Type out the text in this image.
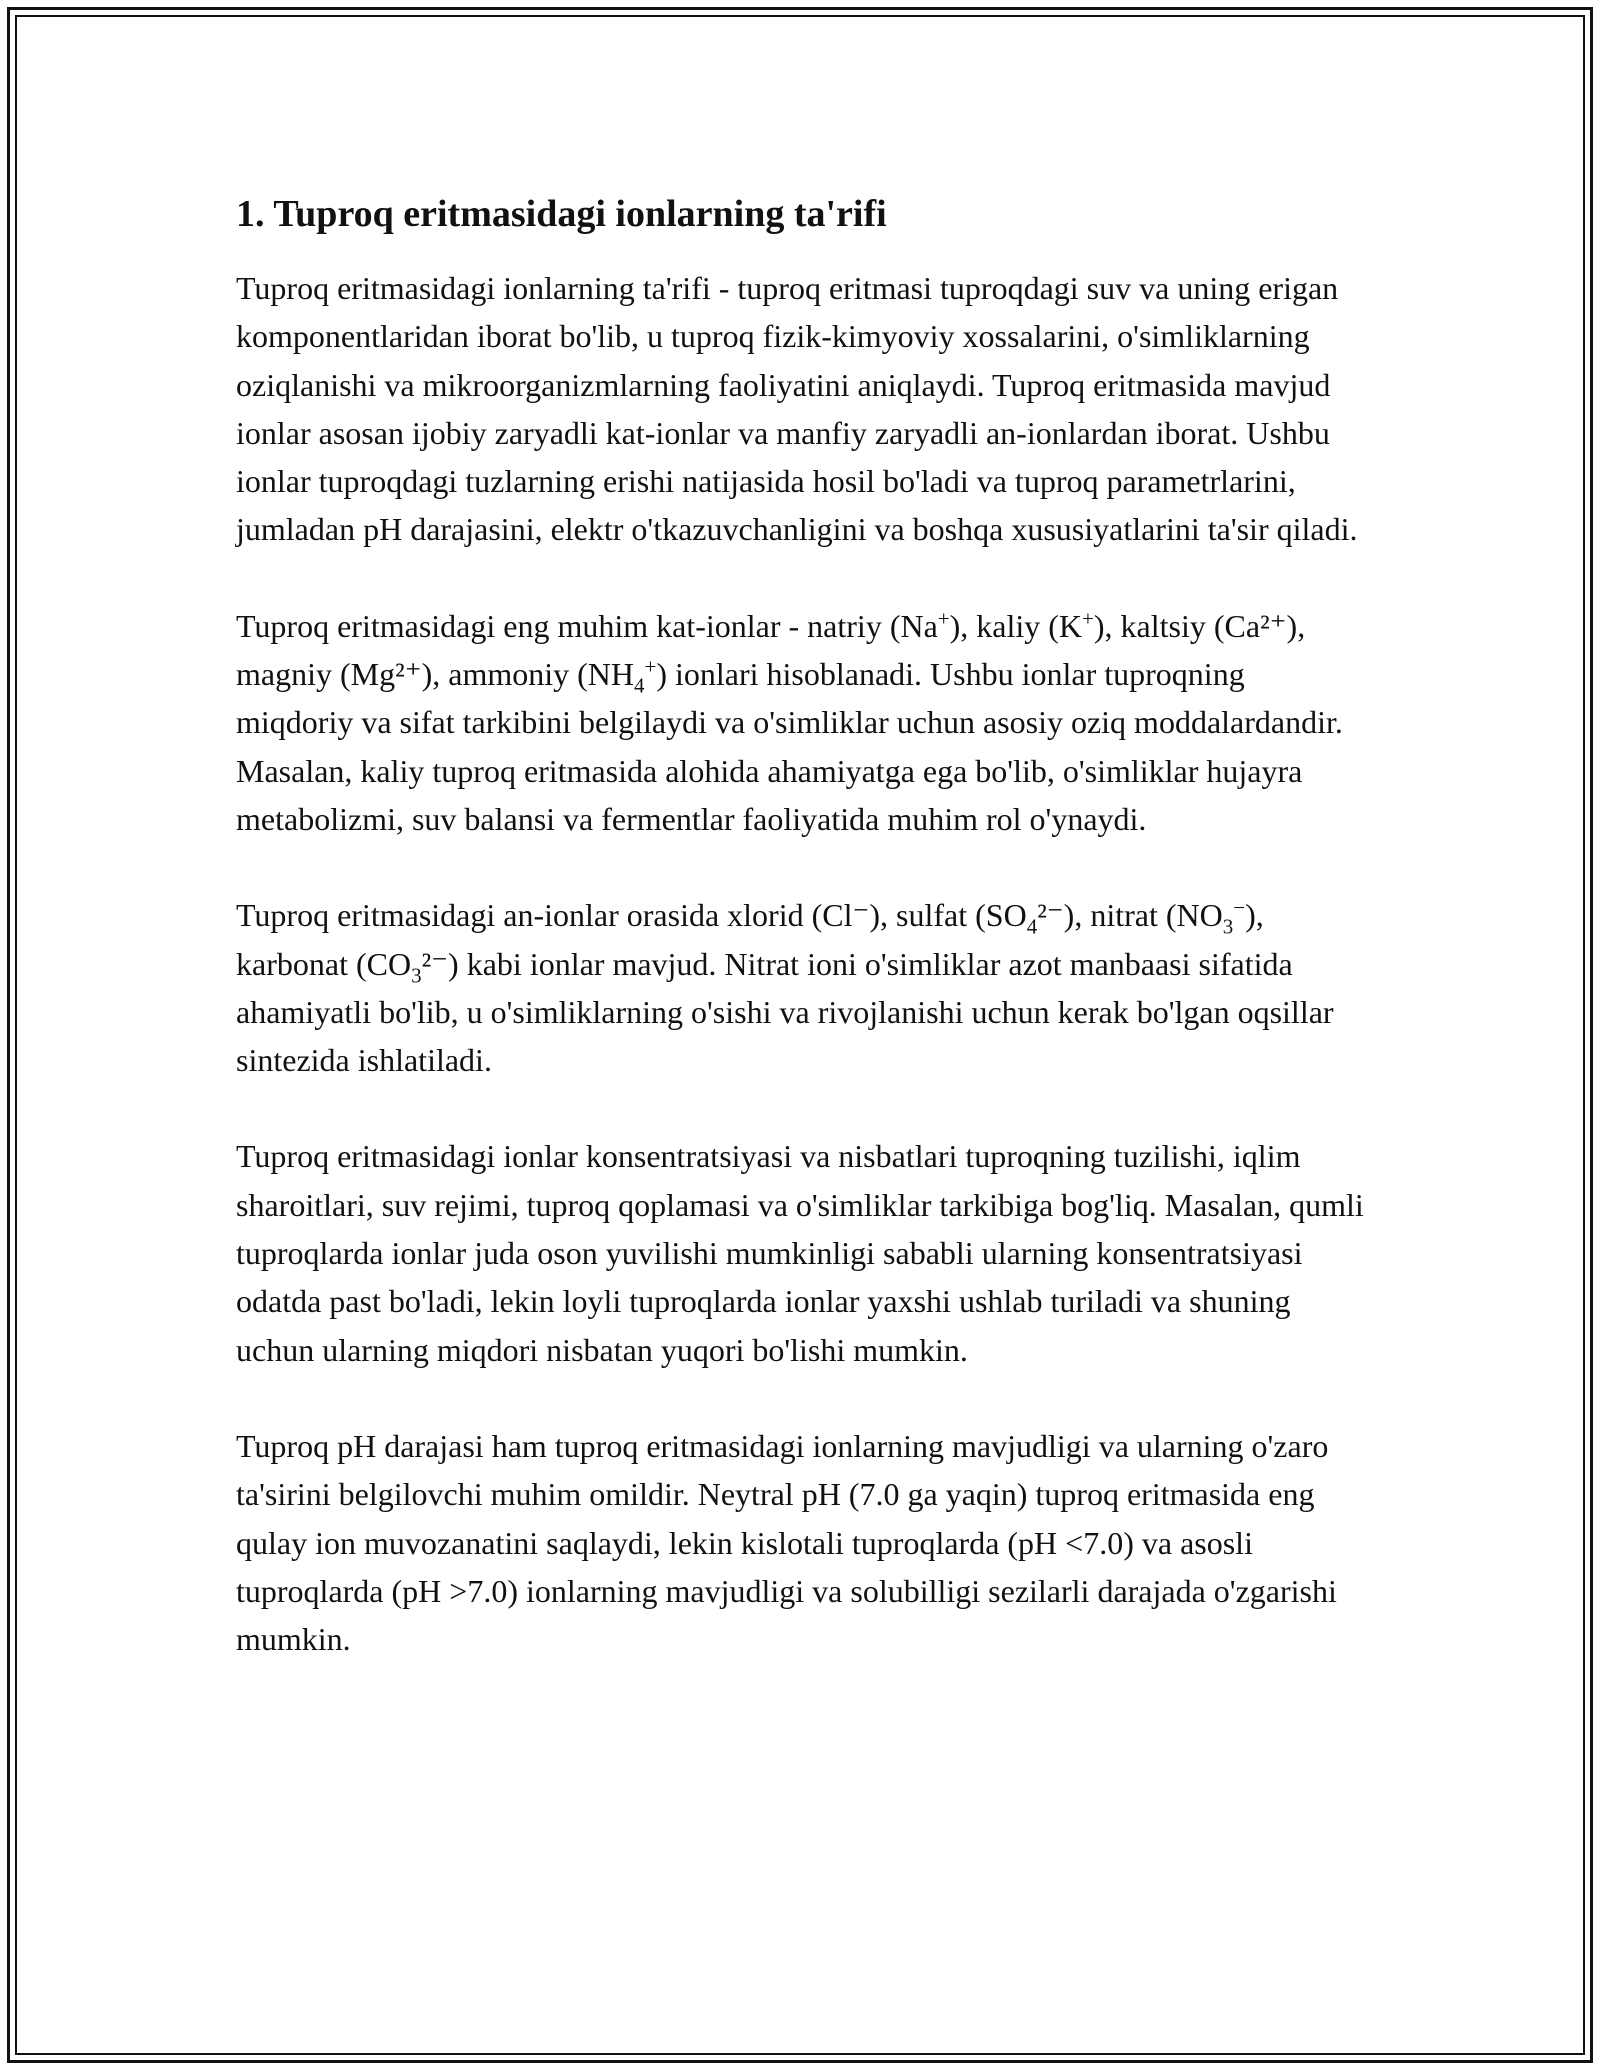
1. Tuproq eritmasidagi ionlarning ta'rifi

Tuproq eritmasidagi ionlarning ta'rifi - tuproq eritmasi tuproqdagi suv va uning erigan komponentlaridan iborat bo'lib, u tuproq fizik-kimyoviy xossalarini, o'simliklarning oziqlanishi va mikroorganizmlarning faoliyatini aniqlaydi. Tuproq eritmasida mavjud ionlar asosan ijobiy zaryadli kat-ionlar va manfiy zaryadli an-ionlardan iborat. Ushbu ionlar tuproqdagi tuzlarning erishi natijasida hosil bo'ladi va tuproq parametrlarini, jumladan pH darajasini, elektr o'tkazuvchanligini va boshqa xususiyatlarini ta'sir qiladi.

Tuproq eritmasidagi eng muhim kat-ionlar - natriy (Na+), kaliy (K+), kaltsiy (Ca²⁺), magniy (Mg²⁺), ammoniy $(NH_4^+)$ ionlari hisoblanadi. Ushbu ionlar tuproqning miqdoriy va sifat tarkibini belgilaydi va o'simliklar uchun asosiy oziq moddalardandir. Masalan, kaliy tuproq eritmasida alohida ahamiyatga ega bo'lib, o'simliklar hujayra metabolizmi, suv balansi va fermentlar faoliyatida muhim rol o'ynaydi.

Tuproq eritmasidagi an-ionlar orasida xlorid (Cl⁻), sulfat $(SO_4^{2-})$, nitrat $(NO_3^-)$, karbonat $(CO_3^{2-})$ kabi ionlar mavjud. Nitrat ioni o'simliklar azot manbaasi sifatida ahamiyatli bo'lib, u o'simliklarning o'sishi va rivojlanishi uchun kerak bo'lgan oqsillar sintezida ishlatiladi.

Tuproq eritmasidagi ionlar konsentratsiyasi va nisbatlari tuproqning tuzilishi, iqlim sharoitlari, suv rejimi, tuproq qoplamasi va o'simliklar tarkibiga bog'liq. Masalan, qumli tuproqlarda ionlar juda oson yuvilishi mumkinligi sababli ularning konsentratsiyasi odatda past bo'ladi, lekin loyli tuproqlarda ionlar yaxshi ushlab turiladi va shuning uchun ularning miqdori nisbatan yuqori bo'lishi mumkin.

Tuproq pH darajasi ham tuproq eritmasidagi ionlarning mavjudligi va ularning o'zaro ta'sirini belgilovchi muhim omildir. Neytral pH (7.0 ga yaqin) tuproq eritmasida eng qulay ion muvozanatini saqlaydi, lekin kislotali tuproqlarda (pH <7.0) va asosli tuproqlarda (pH >7.0) ionlarning mavjudligi va solubilligi sezilarli darajada o'zgarishi mumkin.
